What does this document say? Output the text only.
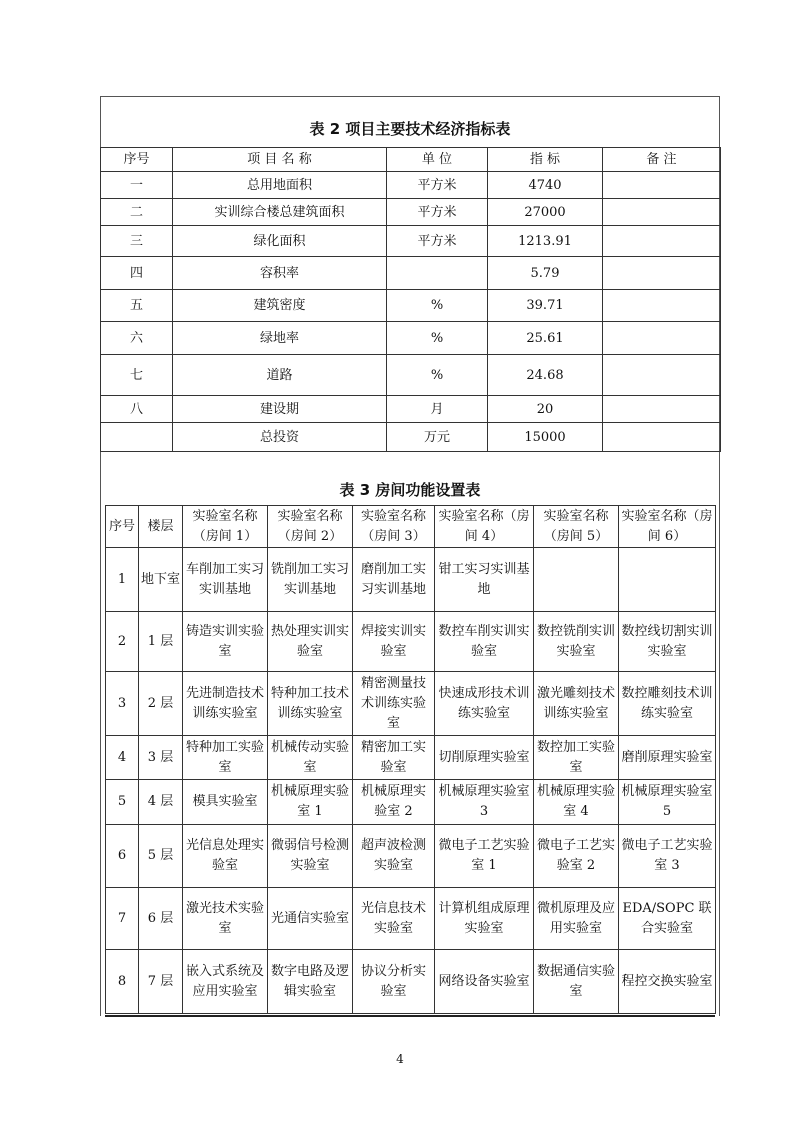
表 2 项目主要技术经济指标表
序号	项 目 名 称	单 位	指 标	备 注
一	总用地面积	平方米	4740	
二	实训综合楼总建筑面积	平方米	27000	
三	绿化面积	平方米	1213.91	
四	容积率		5.79	
五	建筑密度	%	39.71	
六	绿地率	%	25.61	
七	道路	%	24.68	
八	建设期	月	20	
	总投资	万元	15000	
表 3 房间功能设置表
序号	楼层	实验室名称（房间 1）	实验室名称（房间 2）	实验室名称（房间 3）	实验室名称（房间 4）	实验室名称（房间 5）	实验室名称（房间 6）
1	地下室	车削加工实习实训基地	铣削加工实习实训基地	磨削加工实习实训基地	钳工实习实训基地		
2	1 层	铸造实训实验室	热处理实训实验室	焊接实训实验室	数控车削实训实验室	数控铣削实训实验室	数控线切割实训实验室
3	2 层	先进制造技术训练实验室	特种加工技术训练实验室	精密测量技术训练实验室	快速成形技术训练实验室	激光雕刻技术训练实验室	数控雕刻技术训练实验室
4	3 层	特种加工实验室	机械传动实验室	精密加工实验室	切削原理实验室	数控加工实验室	磨削原理实验室
5	4 层	模具实验室	机械原理实验室 1	机械原理实验室 2	机械原理实验室 3	机械原理实验室 4	机械原理实验室 5
6	5 层	光信息处理实验室	微弱信号检测实验室	超声波检测实验室	微电子工艺实验室 1	微电子工艺实验室 2	微电子工艺实验室 3
7	6 层	激光技术实验室	光通信实验室	光信息技术实验室	计算机组成原理实验室	微机原理及应用实验室	EDA/SOPC 联合实验室
8	7 层	嵌入式系统及应用实验室	数字电路及逻辑实验室	协议分析实验室	网络设备实验室	数据通信实验室	程控交换实验室
4
